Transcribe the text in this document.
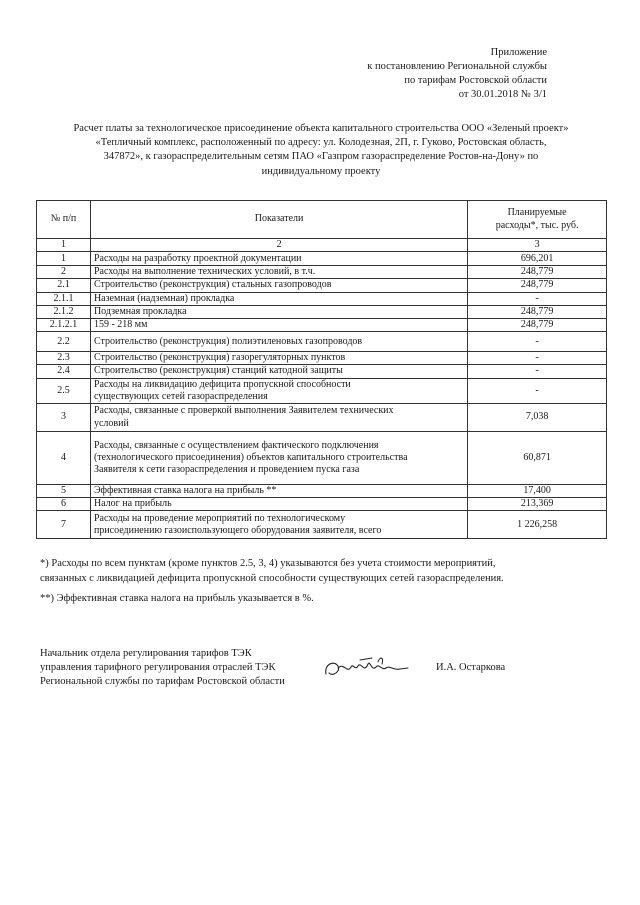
Приложение
к постановлению Региональной службы
по тарифам Ростовской области
от 30.01.2018 № 3/1
Расчет платы за технологическое присоединение объекта капитального строительства ООО «Зеленый проект»
«Тепличный комплекс, расположенный по адресу: ул. Колодезная, 2П, г. Гуково, Ростовская область,
347872», к газораспределительным сетям ПАО «Газпром газораспределение Ростов-на-Дону» по
индивидуальному проекту
№ п/п	Показатели	Планируемые
расходы*, тыс. руб.

1	2	3
1	Расходы на разработку проектной документации	696,201
2	Расходы на выполнение технических условий, в т.ч.	248,779
2.1	Строительство (реконструкция) стальных газопроводов	248,779
2.1.1	Наземная (надземная) прокладка	-
2.1.2	Подземная прокладка	248,779
2.1.2.1	159 - 218 мм	248,779
2.2	Строительство (реконструкция) полиэтиленовых газопроводов	-
2.3	Строительство (реконструкция) газорегуляторных пунктов	-
2.4	Строительство (реконструкция) станций катодной защиты	-
2.5	Расходы на ликвидацию дефицита пропускной способности
существующих сетей газораспределения	-
3	Расходы, связанные с проверкой выполнения Заявителем технических
условий	7,038
4	Расходы, связанные с осуществлением фактического подключения
(технологического присоединения) объектов капитального строительства
Заявителя к сети газораспределения и проведением пуска газа	60,871
5	Эффективная ставка налога на прибыль **	17,400
6	Налог на прибыль	213,369
7	Расходы на проведение мероприятий по технологическому
присоединению газоиспользующего оборудования заявителя, всего	1 226,258

*) Расходы по всем пунктам (кроме пунктов 2.5, 3, 4) указываются без учета стоимости мероприятий,
связанных с ликвидацией дефицита пропускной способности существующих сетей газораспределения.

**) Эффективная ставка налога на прибыль указывается в %.

Начальник отдела регулирования тарифов ТЭК
управления тарифного регулирования отраслей ТЭК
Региональной службы по тарифам Ростовской области
И.А. Остаркова
